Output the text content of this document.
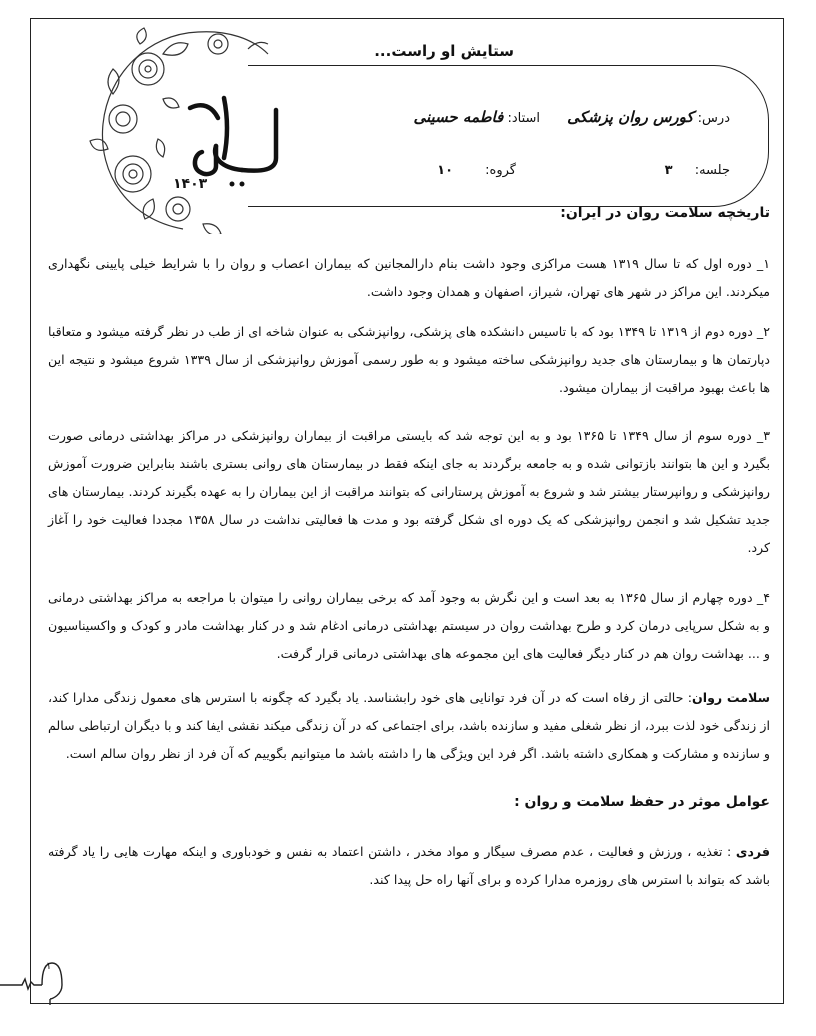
ستایش او راست...
درس: کورس روان پزشکی
استاد: فاطمه حسینی
جلسه: ۳
گروه: ۱۰
۱۴۰۳
تاریخچه سلامت روان در ایران:
۱_ دوره اول که تا سال ۱۳۱۹ هست مراکزی وجود داشت بنام دارالمجانین که بیماران اعصاب و روان را با شرایط خیلی پایینی نگهداری میکردند. این مراکز در شهر های تهران، شیراز، اصفهان و همدان وجود داشت.
۲_ دوره دوم از ۱۳۱۹ تا ۱۳۴۹ بود که با تاسیس دانشکده های پزشکی، روانپزشکی به عنوان شاخه ای از طب در نظر گرفته میشود و متعاقبا دپارتمان ها و بیمارستان های جدید روانپزشکی ساخته میشود و به طور رسمی آموزش روانپزشکی از سال ۱۳۳۹ شروع میشود و نتیجه این ها باعث بهبود مراقبت از بیماران میشود.
۳_ دوره سوم از سال ۱۳۴۹ تا ۱۳۶۵ بود و به این توجه شد که بایستی مراقبت از بیماران روانپزشکی در مراکز بهداشتی درمانی صورت بگیرد و این ها بتوانند بازتوانی شده و به جامعه برگردند به جای اینکه فقط در بیمارستان های روانی بستری باشند بنابراین ضرورت آموزش روانپزشکی و روانپرستار بیشتر شد و شروع به آموزش پرستارانی که بتوانند مراقبت از این بیماران را به عهده بگیرند کردند. بیمارستان های جدید تشکیل شد و انجمن روانپزشکی که یک دوره ای شکل گرفته بود و مدت ها فعالیتی نداشت در سال ۱۳۵۸ مجددا فعالیت خود را آغاز کرد.
۴_ دوره چهارم از سال ۱۳۶۵ به بعد است و این نگرش به وجود آمد که برخی بیماران روانی را میتوان با مراجعه به مراکز بهداشتی درمانی و به شکل سرپایی درمان کرد و طرح بهداشت روان در سیستم بهداشتی درمانی ادغام شد و در کنار بهداشت مادر و کودک و واکسیناسیون و ... بهداشت روان هم در کنار دیگر فعالیت های این مجموعه های بهداشتی درمانی قرار گرفت.
سلامت روان: حالتی از رفاه است که در آن فرد توانایی های خود رابشناسد. یاد بگیرد که چگونه با استرس های معمول زندگی مدارا کند، از زندگی خود لذت ببرد، از نظر شغلی مفید و سازنده باشد، برای اجتماعی که در آن زندگی میکند نقشی ایفا کند و با دیگران ارتباطی سالم و سازنده و مشارکت و همکاری داشته باشد. اگر فرد این ویژگی ها را داشته باشد ما میتوانیم بگوییم که آن فرد از نظر روان سالم است.
عوامل موثر در حفظ سلامت و روان :
فردی : تغذیه ، ورزش و فعالیت ، عدم مصرف سیگار و مواد مخدر ، داشتن اعتماد به نفس و خودباوری و اینکه مهارت هایی را یاد گرفته باشد که بتواند با استرس های روزمره مدارا کرده و برای آنها راه حل پیدا کند.
۱
